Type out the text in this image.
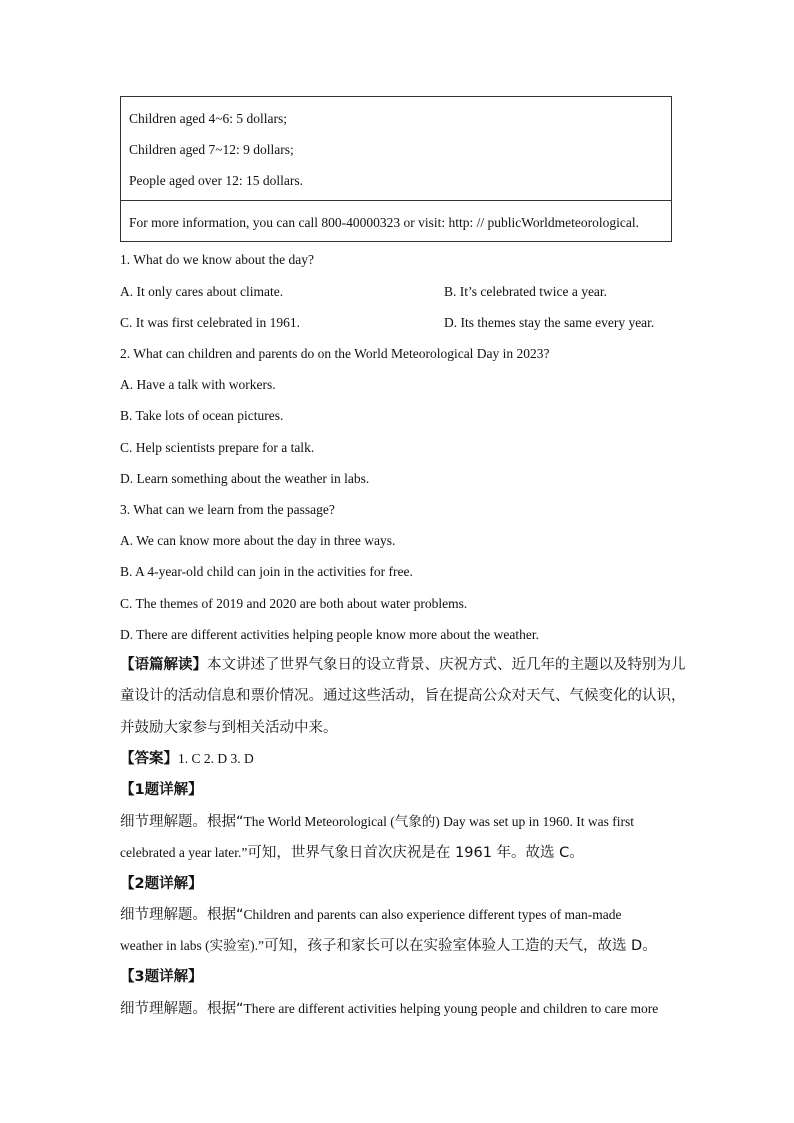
Children aged 4~6: 5 dollars;
Children aged 7~12: 9 dollars;
People aged over 12: 15 dollars.
For more information, you can call 800-40000323 or visit: http: // publicWorldmeteorological.
1. What do we know about the day?
A. It only cares about climate.	B. It’s celebrated twice a year.
C. It was first celebrated in 1961.	D. Its themes stay the same every year.
2. What can children and parents do on the World Meteorological Day in 2023?
A. Have a talk with workers.
B. Take lots of ocean pictures.
C. Help scientists prepare for a talk.
D. Learn something about the weather in labs.
3. What can we learn from the passage?
A. We can know more about the day in three ways.
B. A 4-year-old child can join in the activities for free.
C. The themes of 2019 and 2020 are both about water problems.
D. There are different activities helping people know more about the weather.
【语篇解读】本文讲述了世界气象日的设立背景、庆祝方式、近几年的主题以及特别为儿
童设计的活动信息和票价情况。通过这些活动，旨在提高公众对天气、气候变化的认识，
并鼓励大家参与到相关活动中来。
【答案】1. C 2. D 3. D
【1题详解】
细节理解题。根据“The World Meteorological (气象的) Day was set up in 1960. It was first
celebrated a year later.”可知，世界气象日首次庆祝是在 1961 年。故选 C。
【2题详解】
细节理解题。根据“Children and parents can also experience different types of man-made
weather in labs (实验室).”可知，孩子和家长可以在实验室体验人工造的天气，故选 D。
【3题详解】
细节理解题。根据“There are different activities helping young people and children to care more
